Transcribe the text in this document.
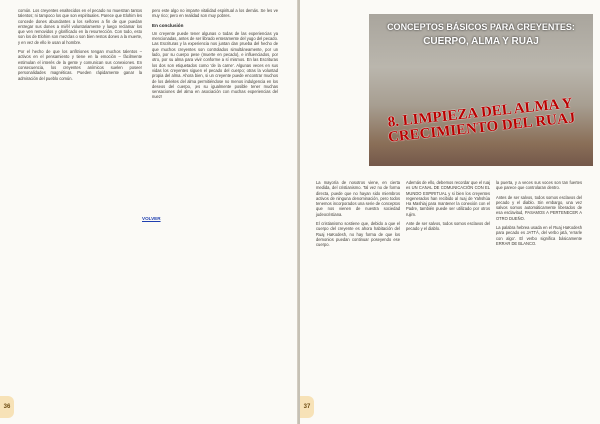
común. Los creyentes enaltecidos en el pecado no muestran tantos talentos; ni tampoco los que son espirituales. Parece que Elohim les concede dones abundantes a los señores a fin de que puedan entregar sus dones a mi/él voluntariamente y luego reclamar los que ven removidos y glorificado en la resurrección. Con todo, esto son los de Elohim son mezclas o son bien restos dones a la muerte, y en vez de ello le usan al hombre.

Por el hecho de que los anfitriones tengan muchos talentos – activos en el pensamiento y tiene en la emoción – fácilmente estimulan el interés de la gente y comunican sus conexiones. En consecuencia, los creyentes anímicos suelen poseer personalidades magnéticas. Pueden rápidamente ganar la admiración del pueblo común.

pero este algo no imparte vitalidad espiritual a los demás. Se les ve muy rico; pero en realidad son muy pobres.

En conclusión

Un creyente puede tener algunas o todas de las experiencias ya mencionadas, antes de ser librado enteramente del yugo del pecado. Las Escrituras y la experiencia nos juntan dan prueba del hecho de que muchos creyentes son controlados simultáneamente, por un lado, por su cuerpo pese (muerte en pecado), e influenciados, por otro, por su alma para vivir conforme a sí mismos. En las Escrituras los dos son etiquetados como 'de la carne'. Algunas veces en sus vidas los creyentes siguen el pecado del cuerpo; otras la voluntad propia del alma. Ahora bien, si un creyente puede encontrar muchos de los deleites del alma permitiéndose no menos indulgencia en los deseos del cuerpo, ¡es su igualmente posible tener muchas sensaciones del alma en asociación con muchas experiencias del nuez!

VOLVER
36	37
CONCEPTOS BÁSICOS PARA CREYENTES:
CUERPO, ALMA Y RUAJ
8. LIMPIEZA DEL ALMA Y CRECIMIENTO DEL RUAJ

La mayoría de nosotros viene, en cierta medida, del cristianismo. Tal vez no de forma directa, puede que no hayan sido miembros activos de ninguna denominación, pero todos tenemos incorporados una serie de conceptos que nos vienen de nuestra sociedad judeocristiana.

El cristianismo sostiene que, debido a que el cuerpo del creyente es ahora habitación del Ruaj HaKodesh, no hay forma de que los demonios puedan continuar poseyendo ese cuerpo.

Además de ello, debemos recordar que el ruaj es UN CANAL DE COMUNICACIÓN CON EL MUNDO ESPIRITUAL y si bien los creyentes regenerados han recibido al ruaj de Yahshúa Ha Mashiaj para mantener la conexión con el Padre, también puede ser utilizado por otros rujim.

Ante de ser salvos, todos somos esclavos del pecado y el diablo.

la puerta, y a veces sus voces son tan fuertes que parece que controlaran dentro.

Antes de ser salvos, todos somos esclavos del pecado y el diablo. Sin embargo, una vez salvos somos automáticamente liberados de esa esclavitud, PASAMOS A PERTENECER A OTRO DUEÑO.

La palabra hebrea usada en el Ruaj HaKodesh para pecado es JATTÁ, del verbo jatá, 'errarle con algo'. El verbo significa básicamente ERRAR DE BLANCO.
